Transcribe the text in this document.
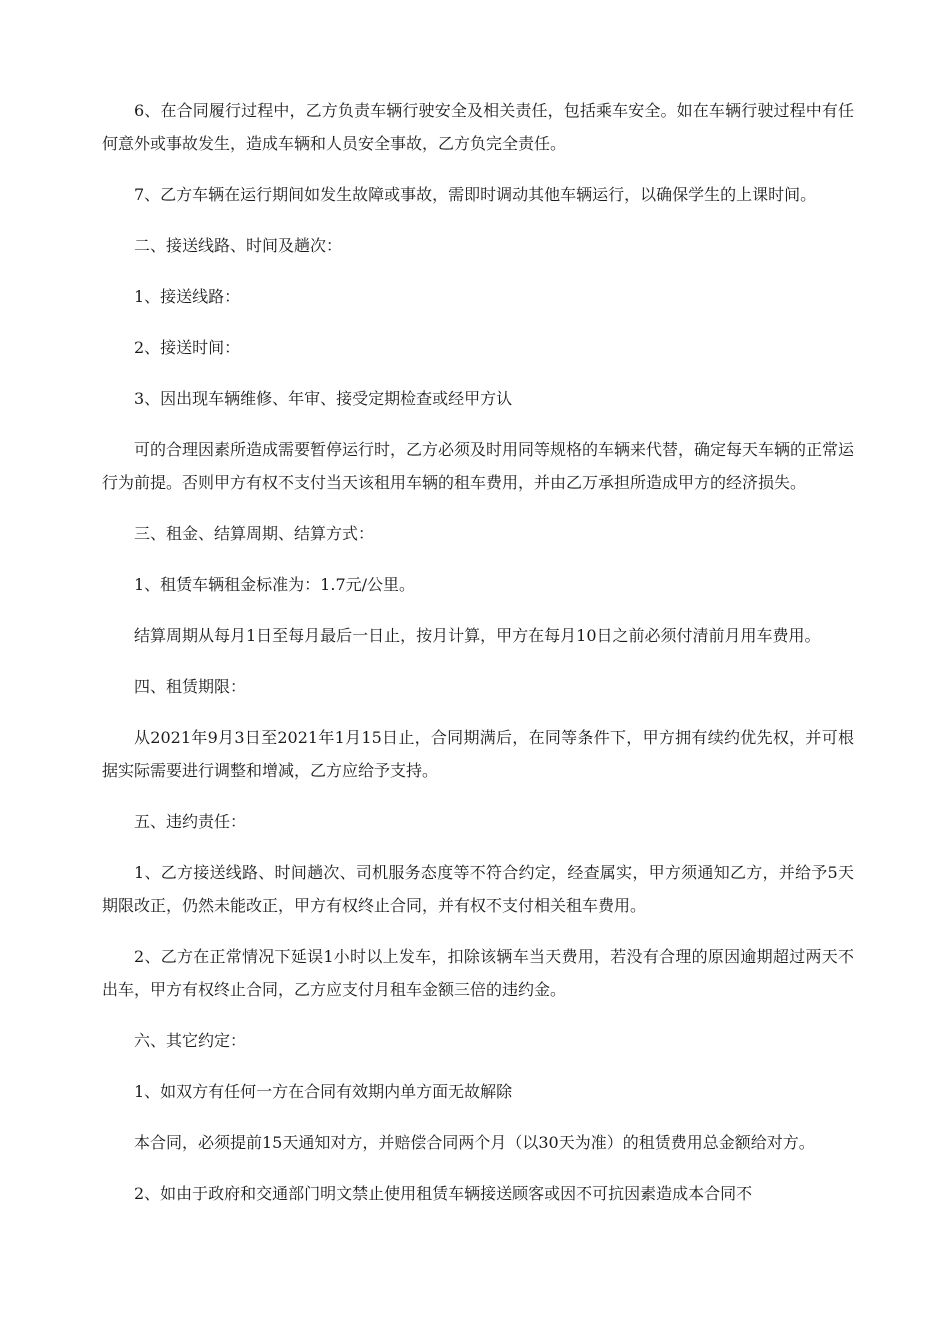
6、在合同履行过程中，乙方负责车辆行驶安全及相关责任，包括乘车安全。如在车辆行驶过程中有任何意外或事故发生，造成车辆和人员安全事故，乙方负完全责任。

7、乙方车辆在运行期间如发生故障或事故，需即时调动其他车辆运行，以确保学生的上课时间。

二、接送线路、时间及趟次：

1、接送线路：

2、接送时间：

3、因出现车辆维修、年审、接受定期检查或经甲方认

可的合理因素所造成需要暂停运行时，乙方必须及时用同等规格的车辆来代替，确定每天车辆的正常运行为前提。否则甲方有权不支付当天该租用车辆的租车费用，并由乙万承担所造成甲方的经济损失。

三、租金、结算周期、结算方式：

1、租赁车辆租金标准为：1.7元/公里。

结算周期从每月1日至每月最后一日止，按月计算，甲方在每月10日之前必须付清前月用车费用。

四、租赁期限：

从2021年9月3日至2021年1月15日止，合同期满后，在同等条件下，甲方拥有续约优先权，并可根据实际需要进行调整和增减，乙方应给予支持。

五、违约责任：

1、乙方接送线路、时间趟次、司机服务态度等不符合约定，经查属实，甲方须通知乙方，并给予5天期限改正，仍然未能改正，甲方有权终止合同，并有权不支付相关租车费用。

2、乙方在正常情况下延误1小时以上发车，扣除该辆车当天费用，若没有合理的原因逾期超过两天不出车，甲方有权终止合同，乙方应支付月租车金额三倍的违约金。

六、其它约定：

1、如双方有任何一方在合同有效期内单方面无故解除

本合同，必须提前15天通知对方，并赔偿合同两个月（以30天为准）的租赁费用总金额给对方。

2、如由于政府和交通部门明文禁止使用租赁车辆接送顾客或因不可抗因素造成本合同不
